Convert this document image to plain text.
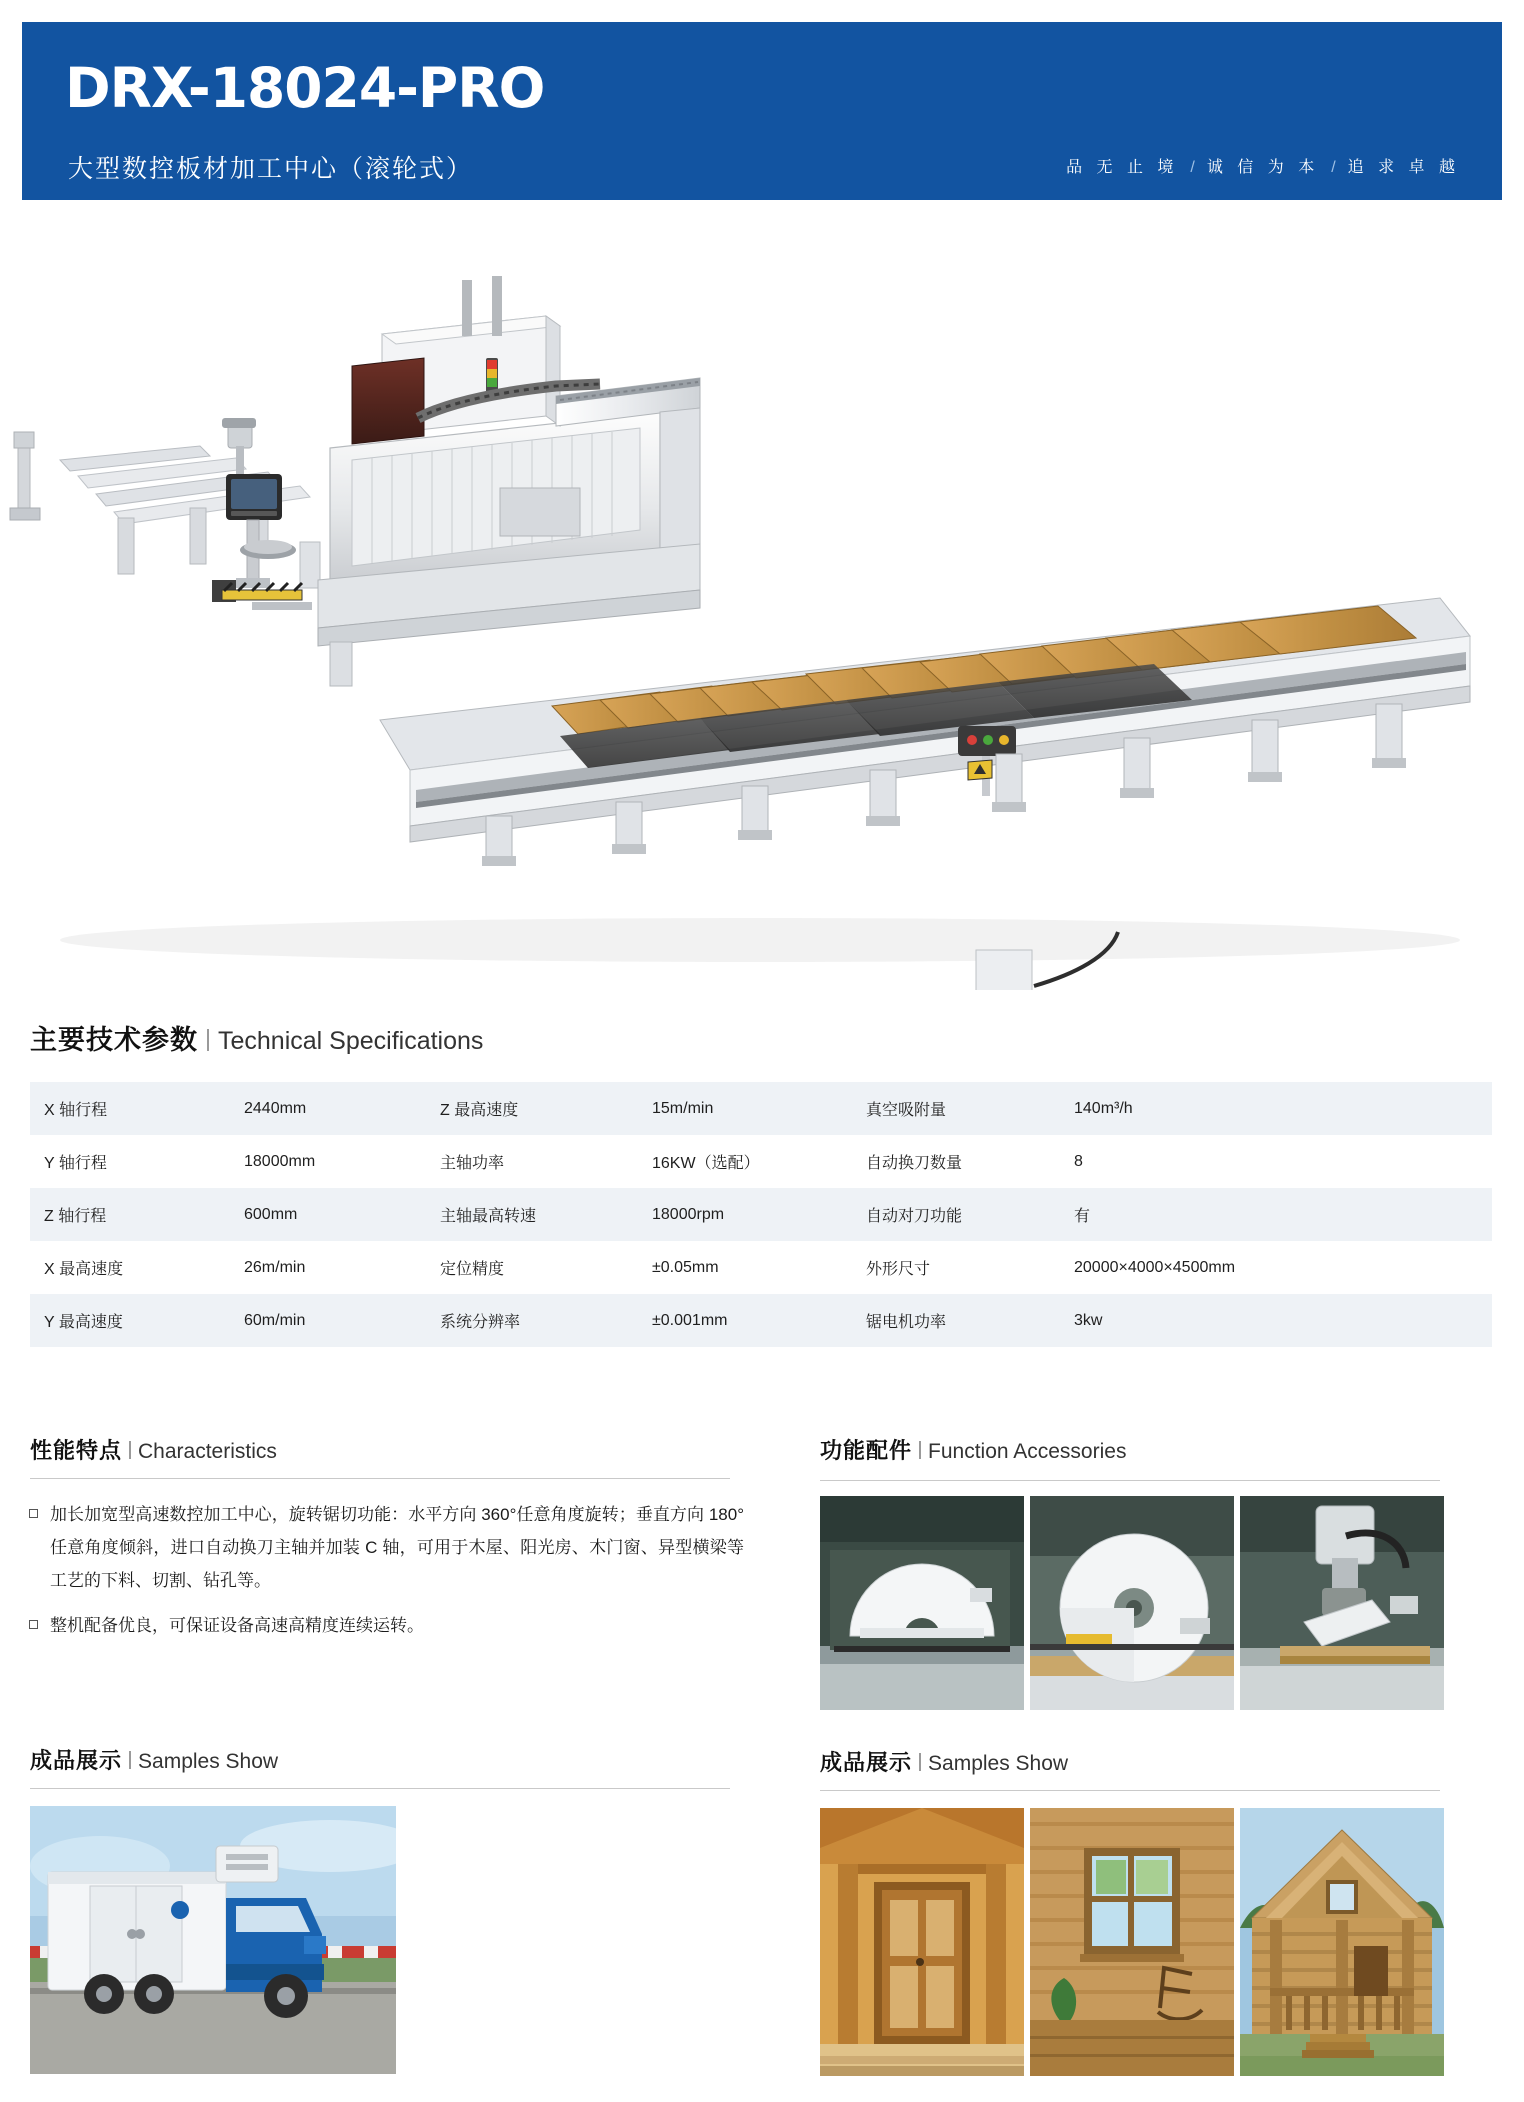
DRX-18024-PRO
大型数控板材加工中心（滚轮式）	品 无 止 境 / 诚 信 为 本 / 追 求 卓 越
主要技术参数 Technical Specifications
X 轴行程	2440mm	Z 最高速度	15m/min	真空吸附量	140m³/h
Y 轴行程	18000mm	主轴功率	16KW（选配）	自动换刀数量	8
Z 轴行程	600mm	主轴最高转速	18000rpm	自动对刀功能	有
X 最高速度	26m/min	定位精度	±0.05mm	外形尺寸	20000×4000×4500mm
Y 最高速度	60m/min	系统分辨率	±0.001mm	锯电机功率	3kw
性能特点 Characteristics
加长加宽型高速数控加工中心，旋转锯切功能：水平方向 360°任意角度旋转；垂直方向 180°任意角度倾斜，进口自动换刀主轴并加装 C 轴，可用于木屋、阳光房、木门窗、异型横梁等工艺的下料、切割、钻孔等。
整机配备优良，可保证设备高速高精度连续运转。
功能配件 Function Accessories
成品展示 Samples Show	成品展示 Samples Show
